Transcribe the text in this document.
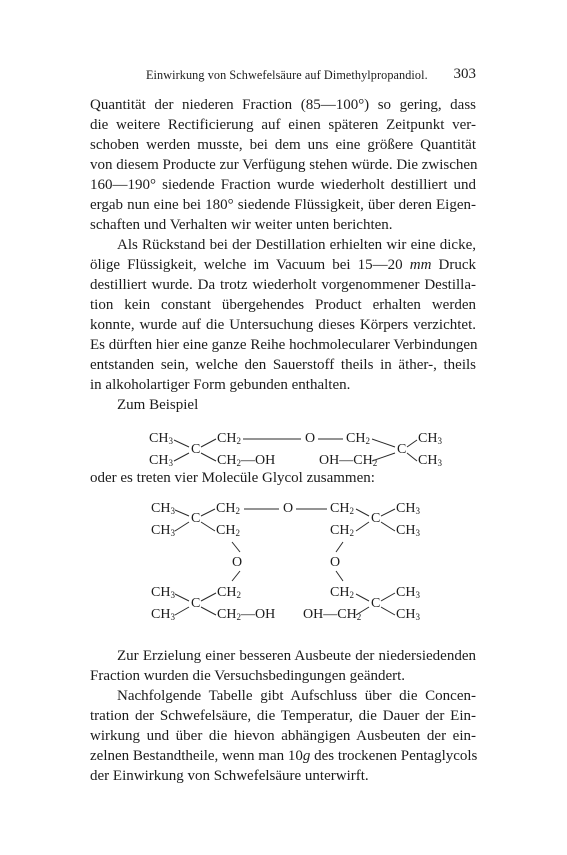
Einwirkung von Schwefelsäure auf Dimethylpropandiol. 303
Quantität der niederen Fraction (85—100°) so gering, dass
die weitere Rectificierung auf einen späteren Zeitpunkt ver-
schoben werden musste, bei dem uns eine größere Quantität
von diesem Producte zur Verfügung stehen würde. Die zwischen
160—190° siedende Fraction wurde wiederholt destilliert und
ergab nun eine bei 180° siedende Flüssigkeit, über deren Eigen-
schaften und Verhalten wir weiter unten berichten.
Als Rückstand bei der Destillation erhielten wir eine dicke,
ölige Flüssigkeit, welche im Vacuum bei 15—20 mm Druck
destilliert wurde. Da trotz wiederholt vorgenommener Destilla-
tion kein constant übergehendes Product erhalten werden
konnte, wurde auf die Untersuchung dieses Körpers verzichtet.
Es dürften hier eine ganze Reihe hochmolecularer Verbindungen
entstanden sein, welche den Sauerstoff theils in äther-, theils
in alkoholartiger Form gebunden enthalten.
Zum Beispiel
$CH_3$
$CH_3$
C
$CH_2$
$CH_2—OH$
O $CH_2$
$OH—CH_2$
C
$CH_3$
$CH_3$
oder es treten vier Molecüle Glycol zusammen:
$CH_3$
$CH_3$
C
$CH_2$
$CH_2$
O	$CH_2$
$CH_2$
C
$CH_3$
$CH_3$
O	O
$CH_3$
$CH_3$
C
$CH_2$
$CH_2—OH$ $OH—CH_2$
$CH_2$
C
$CH_3$
$CH_3$
Zur Erzielung einer besseren Ausbeute der niedersiedenden
Fraction wurden die Versuchsbedingungen geändert.
Nachfolgende Tabelle gibt Aufschluss über die Concen-
tration der Schwefelsäure, die Temperatur, die Dauer der Ein-
wirkung und über die hievon abhängigen Ausbeuten der ein-
zelnen Bestandtheile, wenn man 10g des trockenen Pentaglycols
der Einwirkung von Schwefelsäure unterwirft.
